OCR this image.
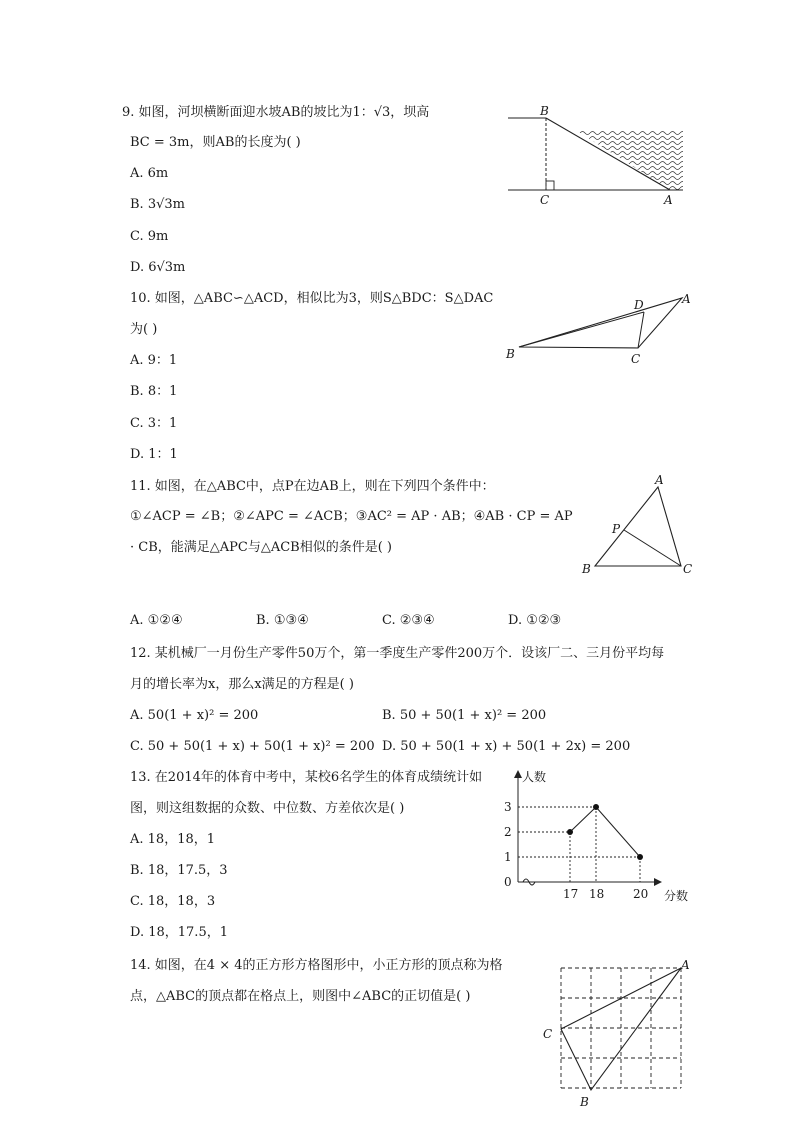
9. 如图，河坝横断面迎水坡AB的坡比为1：√3，坝高
BC = 3m，则AB的长度为( )
A. 6m
B. 3√3m
C. 9m
D. 6√3m
B
C	A
10. 如图，△ABC∽△ACD，相似比为3，则S△BDC：S△DAC
为( )
A. 9：1
B. 8：1
C. 3：1
D. 1：1
D	A
B	C
11. 如图，在△ABC中，点P在边AB上，则在下列四个条件中：
①∠ACP = ∠B；②∠APC = ∠ACB；③AC² = AP · AB；④AB · CP = AP
· CB，能满足△APC与△ACB相似的条件是( )
A. ①②④	B. ①③④	C. ②③④	D. ①②③
A
P
B	C
12. 某机械厂一月份生产零件50万个，第一季度生产零件200万个．设该厂二、三月份平均每
月的增长率为x，那么x满足的方程是( )
A. 50(1 + x)² = 200	B. 50 + 50(1 + x)² = 200
C. 50 + 50(1 + x) + 50(1 + x)² = 200 D. 50 + 50(1 + x) + 50(1 + 2x) = 200
13. 在2014年的体育中考中，某校6名学生的体育成绩统计如
图，则这组数据的众数、中位数、方差依次是( )
A. 18，18，1
B. 18，17.5，3
C. 18，18，3
D. 18，17.5，1
1
2
3
17 18 20
0
人数
分数
14. 如图，在4 × 4的正方形方格图形中，小正方形的顶点称为格
点，△ABC的顶点都在格点上，则图中∠ABC的正切值是( )
A
C
B
